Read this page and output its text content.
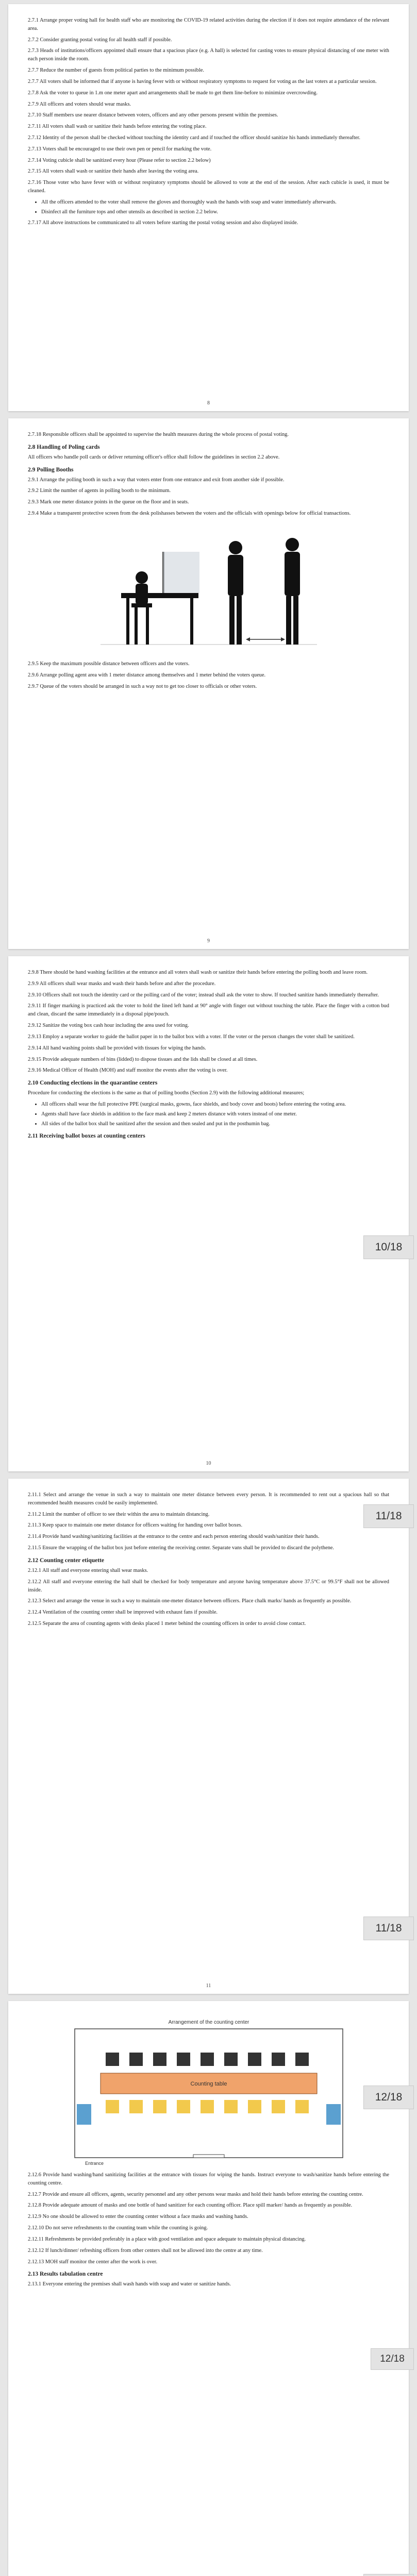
2.7.1 Arrange proper voting hall for health staff who are monitoring the COVID-19 related activities during the election if it does not require attendance of the relevant area.

2.7.2 Consider granting postal voting for all health staff if possible.

2.7.3 Heads of institutions/officers appointed shall ensure that a spacious place (e.g. A hall) is selected for casting votes to ensure physical distancing of one meter with each person inside the room.

2.7.7 Reduce the number of guests from political parties to the minimum possible.

2.7.7 All voters shall be informed that if anyone is having fever with or without respiratory symptoms to request for voting as the last voters at a particular session.

2.7.8 Ask the voter to queue in 1.m one meter apart and arrangements shall be made to get them line-before to minimize overcrowding.

2.7.9 All officers and voters should wear masks.

2.7.10 Staff members use nearer distance between voters, officers and any other persons present within the premises.

2.7.11 All voters shall wash or sanitize their hands before entering the voting place.

2.7.12 Identity of the person shall be checked without touching the identity card and if touched the officer should sanitize his hands immediately thereafter.

2.7.13 Voters shall be encouraged to use their own pen or pencil for marking the vote.

2.7.14 Voting cubicle shall be sanitized every hour (Please refer to section 2.2 below)

2.7.15 All voters shall wash or sanitize their hands after leaving the voting area.

2.7.16 Those voter who have fever with or without respiratory symptoms should be allowed to vote at the end of the session. After each cubicle is used, it must be cleaned.

• All the officers attended to the voter shall remove the gloves and thoroughly wash the hands with soap and water immediately afterwards.
• Disinfect all the furniture tops and other utensils as described in section 2.2 below.

2.7.17 All above instructions be communicated to all voters before starting the postal voting session and also displayed inside.

8

2.7.18 Responsible officers shall be appointed to supervise the health measures during the whole process of postal voting.

2.8 Handling of Poling cards

All officers who handle poll cards or deliver returning officer's office shall follow the guidelines in section 2.2 above.

2.9 Polling Booths

2.9.1 Arrange the polling booth in such a way that voters enter from one entrance and exit from another side if possible.

2.9.2 Limit the number of agents in polling booth to the minimum.

2.9.3 Mark one meter distance points in the queue on the floor and in seats.

2.9.4 Make a transparent protective screen from the desk polishasses between the voters and the officials with openings below for official transactions.

2.9.5 Keep the maximum possible distance between officers and the voters.

2.9.6 Arrange polling agent area with 1 meter distance among themselves and 1 meter behind the voters queue.

2.9.7 Queue of the voters should be arranged in such a way not to get too closer to officials or other voters.

9

2.9.8 There should be hand washing facilities at the entrance and all voters shall wash or sanitize their hands before entering the polling booth and leave room.

2.9.9 All officers shall wear masks and wash their hands before and after the procedure.

2.9.10 Officers shall not touch the identity card or the polling card of the voter; instead shall ask the voter to show. If touched sanitize hands immediately thereafter.

2.9.11 If finger marking is practiced ask the voter to hold the lined left hand at 90° angle with finger out without touching the table. Place the finger with a cotton bud and clean, discard the same immediately in a disposal pipe/pouch.

2.9.12 Sanitize the voting box cash hour including the area used for voting.

2.9.13 Employ a separate worker to guide the ballot paper in to the ballot box with a voter. If the voter or the person changes the voter shall be sanitized.

2.9.14 All hand washing points shall be provided with tissues for wiping the hands.

2.9.15 Provide adequate numbers of bins (lidded) to dispose tissues and the lids shall be closed at all times.

2.9.16 Medical Officer of Health (MOH) and staff monitor the events after the voting is over.

2.10 Conducting elections in the quarantine centers

Procedure for conducting the elections is the same as that of polling booths (Section 2.9) with the following additional measures;

• All officers shall wear the full protective PPE (surgical masks, gowns, face shields, and body cover and boots) before entering the voting area.
• Agents shall have face shields in addition to the face mask and keep 2 meters distance with voters instead of one meter.
• All sides of the ballot box shall be sanitized after the session and then sealed and put in the posthumin bag.
2.11 Receiving ballot boxes at counting centers
10

2.11.1 Select and arrange the venue in such a way to maintain one meter distance between every person. It is recommended to rent out a spacious hall so that recommended health measures could be easily implemented.

2.11.2 Limit the number of officer to see their within the area to maintain distancing.

2.11.3 Keep space to maintain one meter distance for officers waiting for handing over ballot boxes.

2.11.4 Provide hand washing/sanitizing facilities at the entrance to the centre and each person entering should wash/sanitize their hands.

2.11.5 Ensure the wrapping of the ballot box just before entering the receiving center. Separate vans shall be provided to discard the polythene.

2.12 Counting center etiquette

2.12.1 All staff and everyone entering shall wear masks.

2.12.2 All staff and everyone entering the hall shall be checked for body temperature and anyone having temperature above 37.5°C or 99.5°F shall not be allowed inside.

2.12.3 Select and arrange the venue in such a way to maintain one-meter distance between officers. Place chalk marks/ hands as frequently as possible.

2.12.4 Ventilation of the counting center shall be improved with exhaust fans if possible.

2.12.5 Separate the area of counting agents with desks placed 1 meter behind the counting officers in order to avoid close contact.

11
Arrangement of the counting center
Counting table
Entrance

2.12.6 Provide hand washing/hand sanitizing facilities at the entrance with tissues for wiping the hands. Instruct everyone to wash/sanitize hands before entering the counting centre.

2.12.7 Provide and ensure all officers, agents, security personnel and any other persons wear masks and hold their hands before entering the counting centre.

2.12.8 Provide adequate amount of masks and one bottle of hand sanitizer for each counting officer. Place spill marker/ hands as frequently as possible.

2.12.9 No one should be allowed to enter the counting center without a face masks and washing hands.

2.12.10 Do not serve refreshments to the counting team while the counting is going.

2.12.11 Refreshments be provided preferably in a place with good ventilation and space adequate to maintain physical distancing.

2.12.12 If lunch/dinner/ refreshing officers from other centers shall not be allowed into the centre at any time.

2.12.13 MOH staff monitor the center after the work is over.

2.13 Results tabulation centre

2.13.1 Everyone entering the premises shall wash hands with soap and water or sanitize hands.

10/18
11/18
11/18
12/18
12/18
